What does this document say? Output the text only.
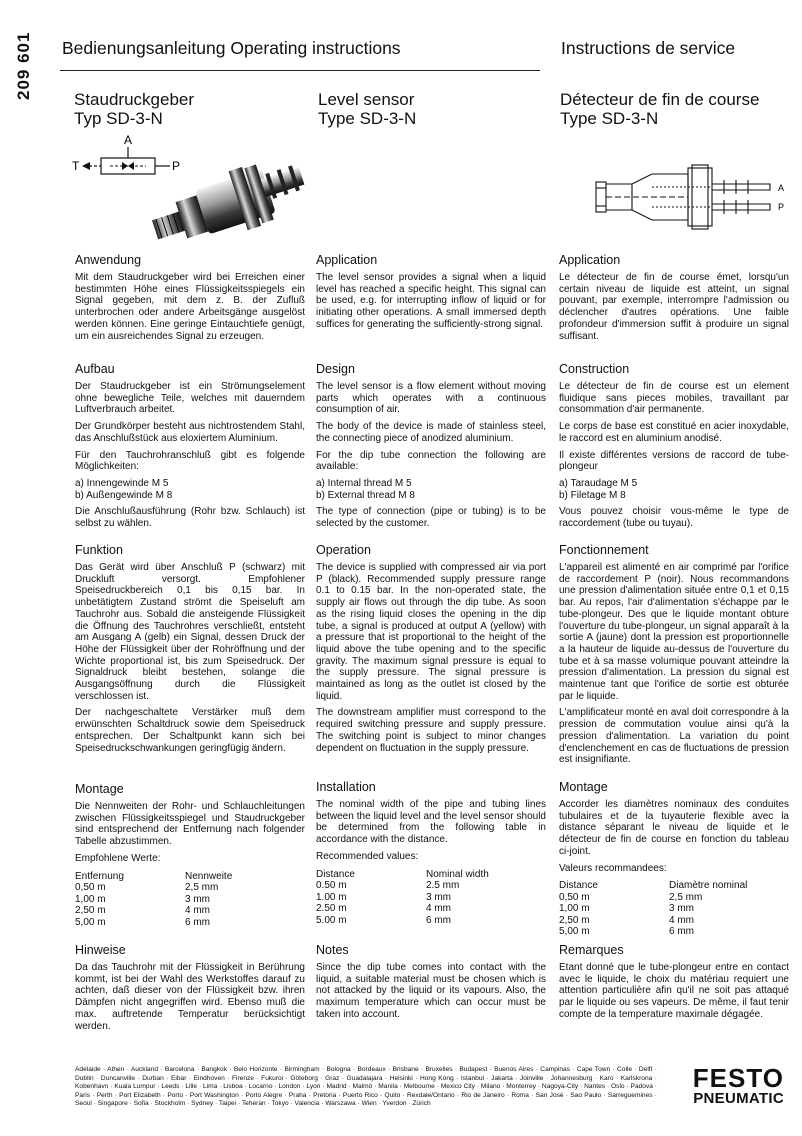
209 601 Bedienungsanleitung Operating instructions	Instructions de service
Staudruckgeber
Typ SD-3-N
Level sensor
Type SD-3-N
Détecteur de fin de course
Type SD-3-N
A
T	P
A
P
Anwendung

Mit dem Staudruckgeber wird bei Erreichen einer bestimmten Höhe eines Flüssigkeitsspiegels ein Signal gegeben, mit dem z. B. der Zufluß unterbrochen oder andere Arbeitsgänge ausgelöst werden können. Eine geringe Eintauchtiefe genügt, um ein ausreichendes Signal zu erzeugen.

Aufbau

Der Staudruckgeber ist ein Strömungselement ohne bewegliche Teile, welches mit dauerndem Luftverbrauch arbeitet.

Der Grundkörper besteht aus nichtrostendem Stahl, das Anschlußstück aus eloxiertem Aluminium.

Für den Tauchrohranschluß gibt es folgende Möglichkeiten:

a) Innengewinde M 5
b) Außengewinde M 8

Die Anschlußausführung (Rohr bzw. Schlauch) ist selbst zu wählen.

Funktion

Das Gerät wird über Anschluß P (schwarz) mit Druckluft versorgt. Empfohlener Speisedruckbereich 0,1 bis 0,15 bar. In unbetätigtem Zustand strömt die Speiseluft am Tauchrohr aus. Sobald die ansteigende Flüssigkeit die Öffnung des Tauchrohres verschließt, entsteht am Ausgang A (gelb) ein Signal, dessen Druck der Höhe der Flüssigkeit über der Rohröffnung und der Wichte proportional ist, bis zum Speisedruck. Der Signaldruck bleibt bestehen, solange die Ausgangsöffnung durch die Flüssigkeit verschlossen ist.

Der nachgeschaltete Verstärker muß dem erwünschten Schaltdruck sowie dem Speisedruck entsprechen. Der Schaltpunkt kann sich bei Speisedruckschwankungen geringfügig ändern.

Montage

Die Nennweiten der Rohr- und Schlauchleitungen zwischen Flüssigkeitsspiegel und Staudruckgeber sind entsprechend der Entfernung nach folgender Tabelle abzustimmen.

Empfohlene Werte:
Entfernung	Nennweite
0,50 m	2,5 mm
1,00 m	3 mm
2,50 m	4 mm
5,00 m	6 mm
Hinweise

Da das Tauchrohr mit der Flüssigkeit in Berührung kommt, ist bei der Wahl des Werkstoffes darauf zu achten, daß dieser von der Flüssigkeit bzw. ihren Dämpfen nicht angegriffen wird. Ebenso muß die max. auftretende Temperatur berücksichtigt werden.

Application

The level sensor provides a signal when a liquid level has reached a specific height. This signal can be used, e.g. for interrupting inflow of liquid or for initiating other operations. A small immersed depth suffices for generating the sufficiently-strong signal.

Design

The level sensor is a flow element without moving parts which operates with a continuous consumption of air.

The body of the device is made of stainless steel, the connecting piece of anodized aluminium.

For the dip tube connection the following are available:

a) Internal thread M 5
b) External thread M 8

The type of connection (pipe or tubing) is to be selected by the customer.

Operation

The device is supplied with compressed air via port P (black). Recommended supply pressure range 0.1 to 0.15 bar. In the non-operated state, the supply air flows out through the dip tube. As soon as the rising liquid closes the opening in the dip tube, a signal is produced at output A (yellow) with a pressure that ist proportional to the height of the liquid above the tube opening and to the specific gravity. The maximum signal pressure is equal to the supply pressure. The signal pressure is maintained as long as the outlet ist closed by the liquid.

The downstream amplifier must correspond to the required switching pressure and supply pressure. The switching point is subject to minor changes dependent on fluctuation in the supply pressure.

Installation

The nominal width of the pipe and tubing lines between the liquid level and the level sensor should be determined from the following table in accordance with the distance.

Recommended values:
Distance	Nominal width
0.50 m	2.5 mm
1.00 m	3 mm
2.50 m	4 mm
5.00 m	6 mm
Notes

Since the dip tube comes into contact with the liquid, a suitable material must be chosen which is not attacked by the liquid or its vapours. Also, the maximum temperature which can occur must be taken into account.

Application

Le détecteur de fin de course émet, lorsqu'un certain niveau de liquide est atteint, un signal pouvant, par exemple, interrompre l'admission ou déclencher d'autres opérations. Une faible profondeur d'immersion suffit à produire un signal suffisant.

Construction

Le détecteur de fin de course est un element fluidique sans pieces mobiles, travaillant par consommation d'air permanente.

Le corps de base est constitué en acier inoxydable, le raccord est en aluminium anodisé.

Il existe différentes versions de raccord de tube-plongeur

a) Taraudage M 5
b) Filetage M 8

Vous pouvez choisir vous-même le type de raccordement (tube ou tuyau).

Fonctionnement

L'appareil est alimenté en air comprimé par l'orifice de raccordement P (noir). Nous recommandons une pression d'alimentation située entre 0,1 et 0,15 bar. Au repos, l'air d'alimentation s'échappe par le tube-plongeur. Des que le liquide montant obture l'ouverture du tube-plongeur, un signal apparaît à la sortie A (jaune) dont la pression est proportionnelle a la hauteur de liquide au-dessus de l'ouverture du tube et à sa masse volumique pouvant atteindre la pression d'alimentation. La pression du signal est maintenue tant que l'orifice de sortie est obturée par le liquide.

L'amplificateur monté en aval doit correspondre à la pression de commutation voulue ainsi qu'à la pression d'alimentation. La variation du point d'enclenchement en cas de fluctuations de pression est insignifiante.

Montage

Accorder les diamètres nominaux des conduites tubulaires et de la tuyauterie flexible avec la distance séparant le niveau de liquide et le détecteur de fin de course en fonction du tableau ci-joint.

Valeurs recommandees:
Distance	Diamètre nominal
0,50 m	2,5 mm
1,00 m	3 mm
2,50 m	4 mm
5,00 m	6 mm
Remarques

Etant donné que le tube-plongeur entre en contact avec le liquide, le choix du matériau requiert une attention particulière afin qu'il ne soit pas attaqué par le liquide ou ses vapeurs. De même, il faut tenir compte de la temperature maximale dégagée.

Adelaide · Athen · Auckland · Barcelona · Bangkok · Belo Horizonte · Birmingham · Bologna · Bordeaux · Brisbane · Bruxelles · Budapest · Buenos Aires · Campinas · Cape Town · Colle · Delft · Dublin · Duncanville · Durban · Eibar · Eindhoven · Firenze · Fukuroi · Göteborg · Graz · Guadalajara · Helsinki · Hong Kong · Istanbul · Jakarta · Joinville · Johannesburg · Karo · Karlskrona · Kobenhavn · Kuala Lumpur · Leeds · Lille · Lima · Lisboa · Locarno · London · Lyon · Madrid · Malmö · Manila · Melbourne · Mexico City · Milano · Monterrey · Nagoya-City · Nantes · Oslo · Padova · Paris · Perth · Port Elizabeth · Porto · Port Washington · Porto Alegre · Praha · Pretoria · Puerto Rico · Quito · Rexdale/Ontario · Rio de Janeiro · Roma · San José · Sao Paulo · Sarreguemines · Seoul · Singapore · Sofia · Stockholm · Sydney · Taipei · Teheran · Tokyo · Valencia · Warszawa · Wien · Yverdon · Zürich
FESTO
PNEUMATIC
